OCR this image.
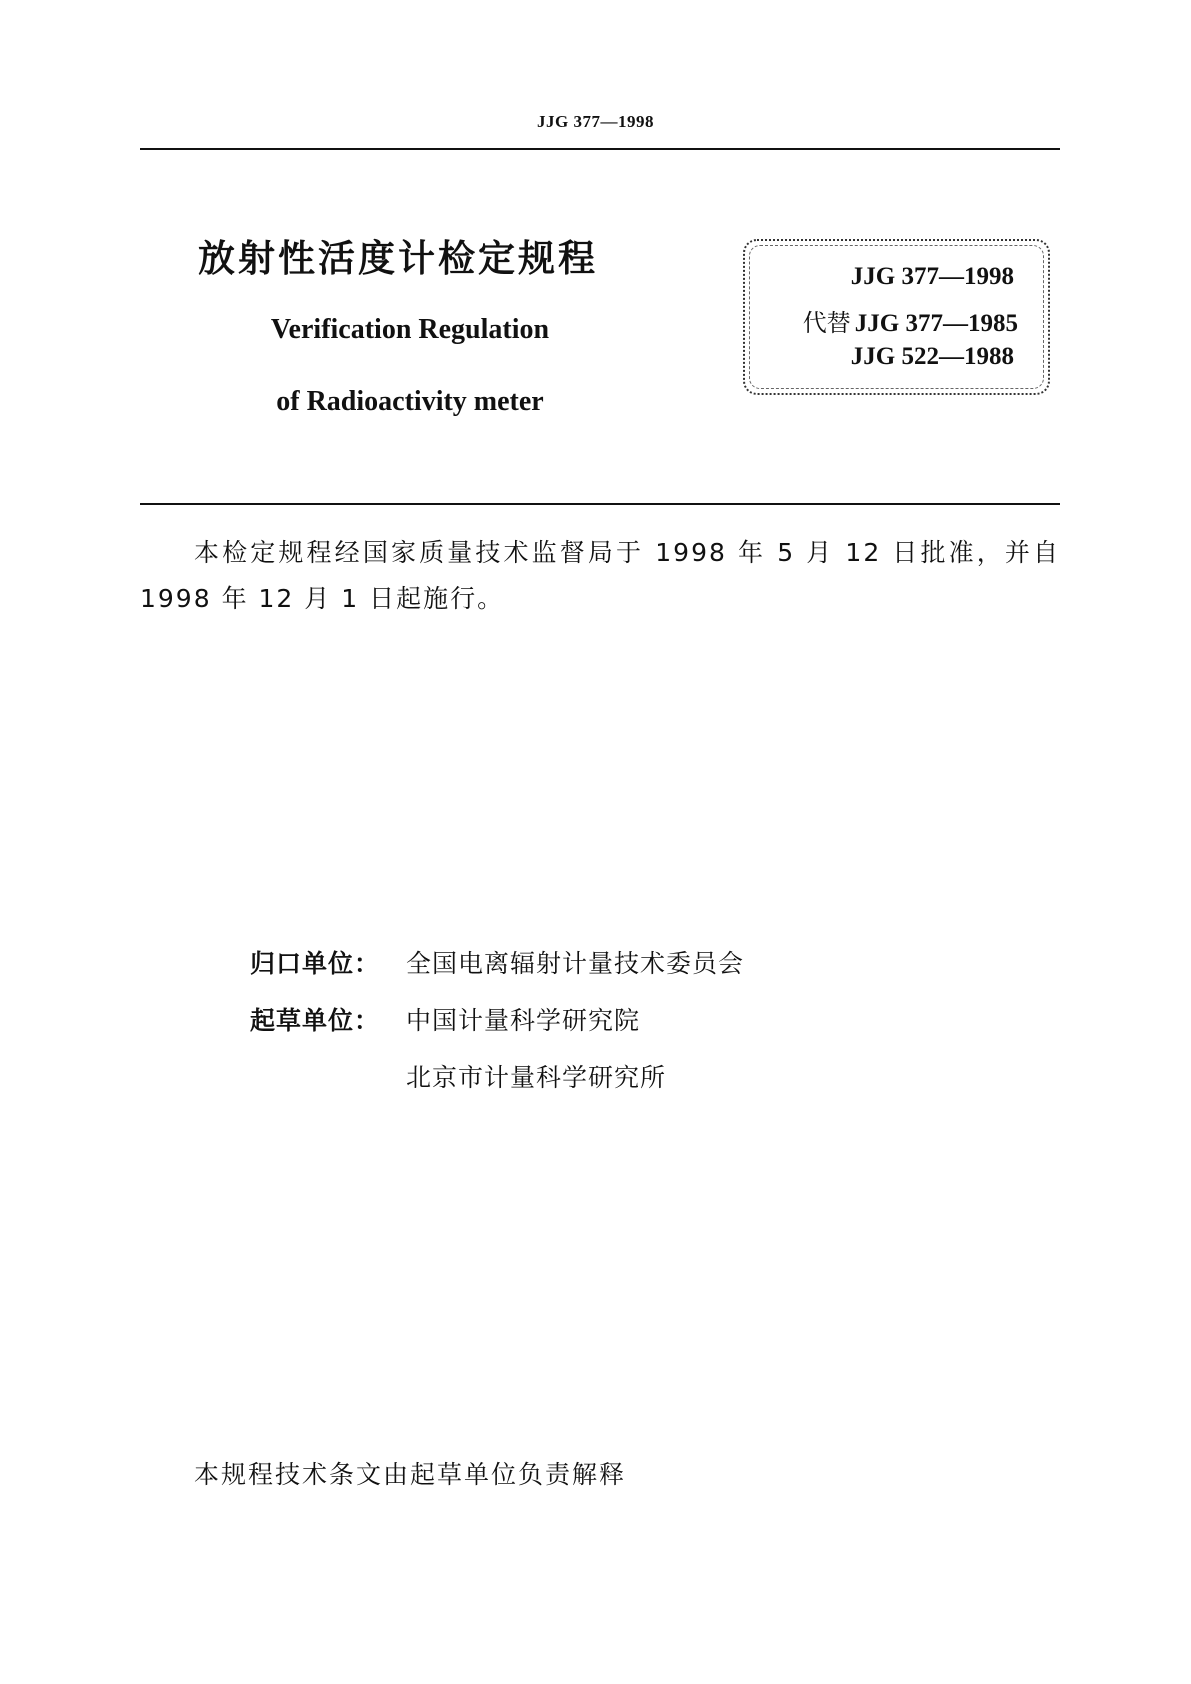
JJG 377—1998
放射性活度计检定规程
Verification Regulation
of Radioactivity meter
JJG 377—1998
代替 JJG 377—1985
JJG 522—1988
本检定规程经国家质量技术监督局于 1998 年 5 月 12 日批准，并自 1998 年 12 月 1 日起施行。
归口单位： 全国电离辐射计量技术委员会
起草单位： 中国计量科学研究院
北京市计量科学研究所
本规程技术条文由起草单位负责解释
